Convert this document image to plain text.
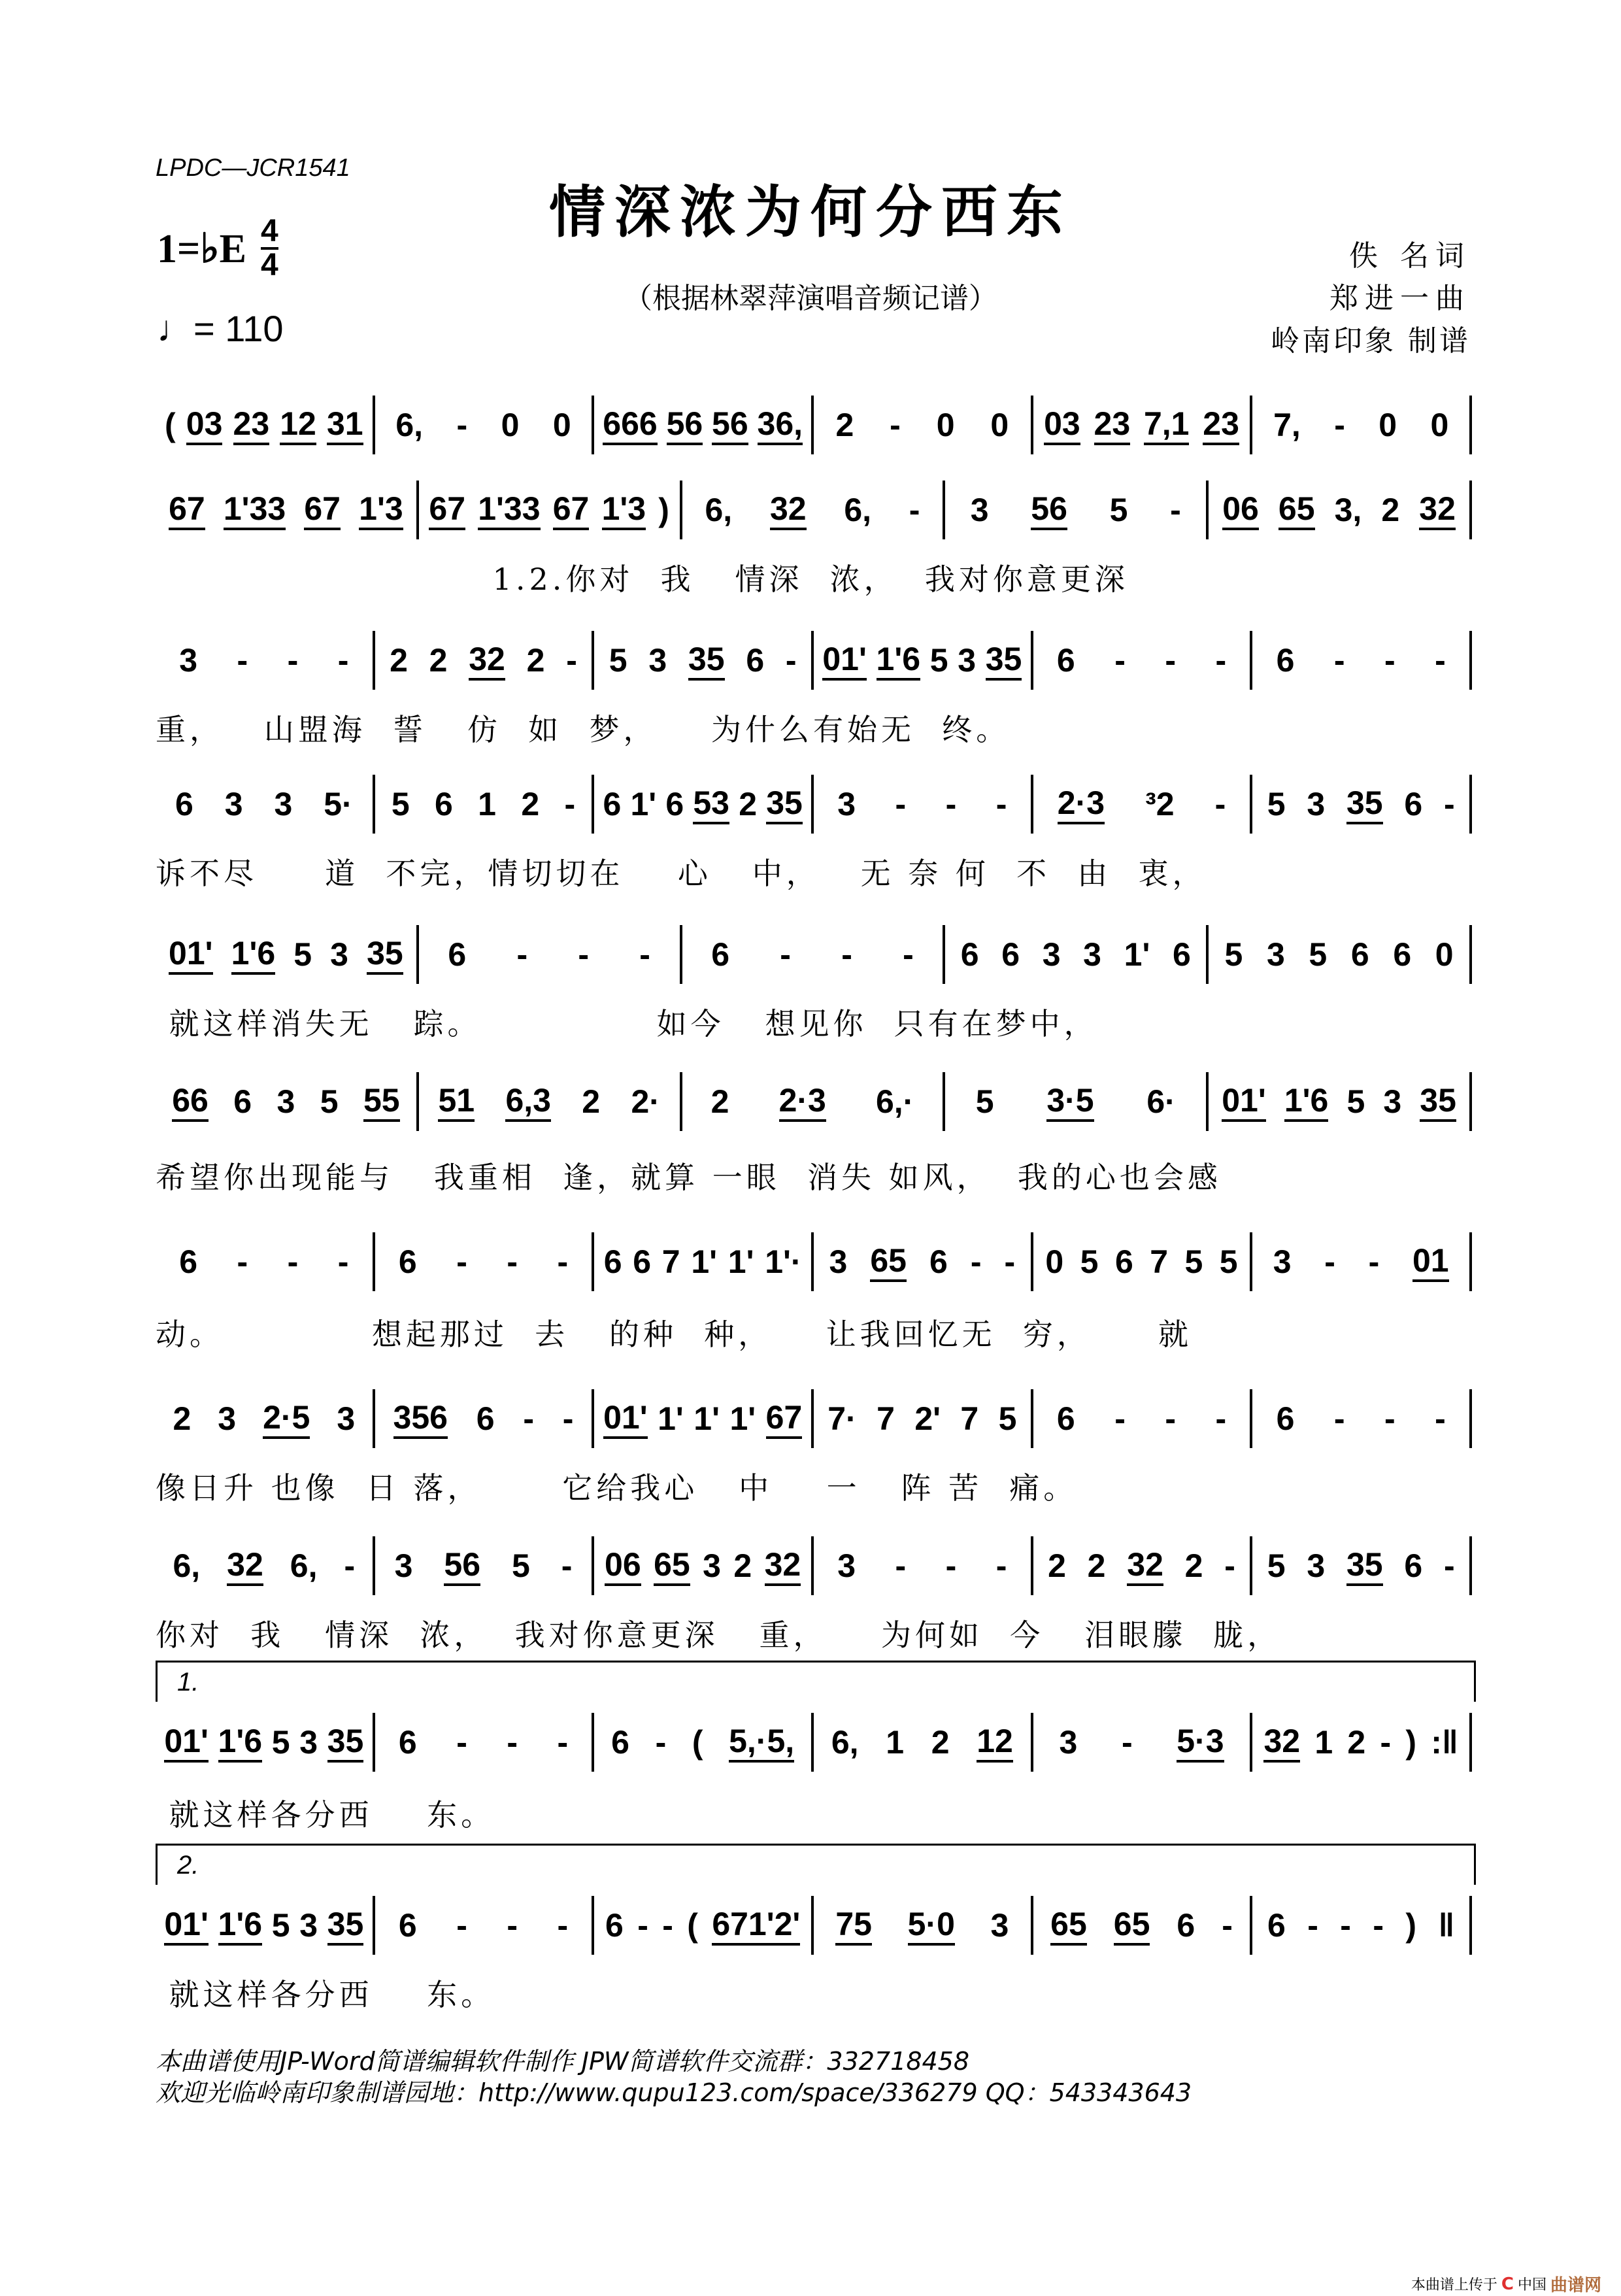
LPDC—JCR1541
情深浓为何分西东
（根据林翠萍演唱音频记谱）
1=♭E $\frac{4}{4}$
♩= 110
佚 名词
郑进一曲
岭南印象 制谱
( 03 23 12 31 6, - 0 0 666 56 56 36, 2 - 0 0 03 23 7,1 23 7, - 0 0
67 1'33 67 1'3 67 1'33 67 1'3 ) 6, 32 6, - 3 56 5 - 06 65 3, 2 32
1.2.你对  我   情深  浓，  我对你意更深
3 - - - 2 2 32 2 - 5 3 35 6 - 01' 1'6 5 3 35 6 - - - 6 - - -
重，   山盟海  誓   仿  如  梦，    为什么有始无  终。
6 3 3 5· 5 6 1 2 - 6 1' 6 53 2 35 3 - - - 2·3 ³2 - 5 3 35 6 -
诉不尽     道  不完，情切切在    心   中，   无 奈 何  不  由  衷，
01' 1'6 5 3 35 6 - - - 6 - - - 6 6 3 3 1' 6 5 3 5 6 6 0
就这样消失无   踪。             如今   想见你  只有在梦中，
66 6 3 5 55 51 6,3 2 2· 2 2·3 6,· 5 3·5 6· 01' 1'6 5 3 35
希望你出现能与   我重相  逢，就算 一眼  消失 如风，  我的心也会感
6 - - - 6 - - - 6 6 7 1' 1' 1'· 3 65 6 - - 0 5 6 7 5 5 3 - - 01
动。           想起那过  去   的种  种，    让我回忆无  穷，     就
2 3 2·5 3 356 6 - - 01' 1' 1' 1' 67 7· 7 2' 7 5 6 - - - 6 - - -
像日升 也像  日 落，      它给我心   中    一   阵 苦  痛。
6, 32 6, - 3 56 5 - 06 65 3 2 32 3 - - - 2 2 32 2 - 5 3 35 6 -
你对  我   情深  浓，  我对你意更深   重，    为何如  今   泪眼朦  胧，
1.
01' 1'6 5 3 35 6 - - - 6 - ( 5,·5, 6, 1 2 12 3 - 5·3 32 1 2 - ) :‖
就这样各分西    东。
2.
01' 1'6 5 3 35 6 - - - 6 - - ( 671'2' 75 5·0 3 65 65 6 - 6 - - - ) ‖
就这样各分西    东。
本曲谱使用JP-Word简谱编辑软件制作 JPW简谱软件交流群：332718458
欢迎光临岭南印象制谱园地：http://www.qupu123.com/space/336279 QQ：543343643
本曲谱上传于 C 中国 曲谱网
